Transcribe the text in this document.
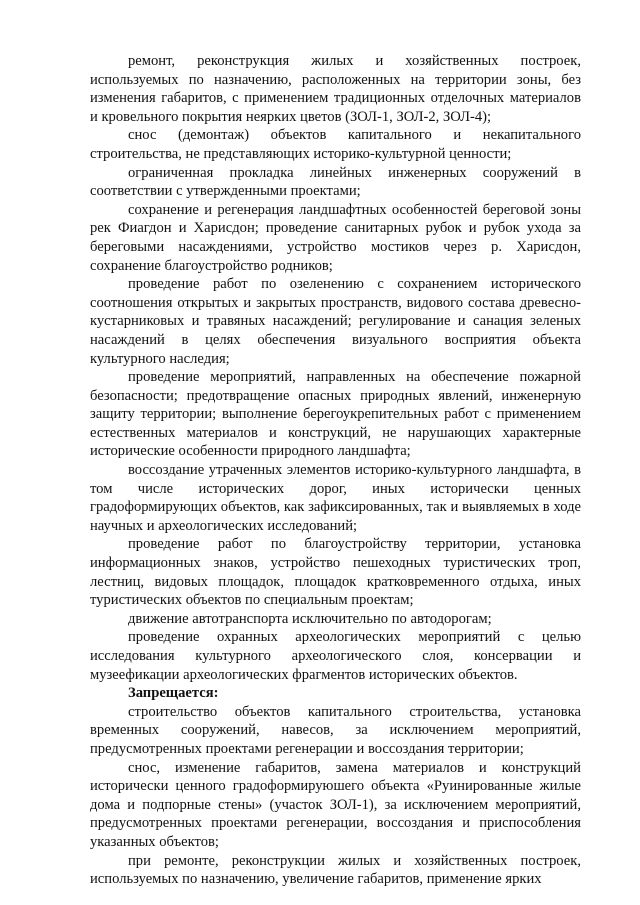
ремонт, реконструкция жилых и хозяйственных построек, используемых по назначению, расположенных на территории зоны, без изменения габаритов, с применением традиционных отделочных материалов и кровельного покрытия неярких цветов (ЗОЛ-1, ЗОЛ-2, ЗОЛ-4);

снос (демонтаж) объектов капитального и некапитального строительства, не представляющих историко-культурной ценности;

ограниченная прокладка линейных инженерных сооружений в соответствии с утвержденными проектами;

сохранение и регенерация ландшафтных особенностей береговой зоны рек Фиагдон и Харисдон; проведение санитарных рубок и рубок ухода за береговыми насаждениями, устройство мостиков через р. Харисдон, сохранение благоустройство родников;

проведение работ по озеленению с сохранением исторического соотношения открытых и закрытых пространств, видового состава древесно-кустарниковых и травяных насаждений; регулирование и санация зеленых насаждений в целях обеспечения визуального восприятия объекта культурного наследия;

проведение мероприятий, направленных на обеспечение пожарной безопасности; предотвращение опасных природных явлений, инженерную защиту территории; выполнение берегоукрепительных работ с применением естественных материалов и конструкций, не нарушающих характерные исторические особенности природного ландшафта;

воссоздание утраченных элементов историко-культурного ландшафта, в том числе исторических дорог, иных исторически ценных градоформирующих объектов, как зафиксированных, так и выявляемых в ходе научных и археологических исследований;

проведение работ по благоустройству территории, установка информационных знаков, устройство пешеходных туристических троп, лестниц, видовых площадок, площадок кратковременного отдыха, иных туристических объектов по специальным проектам;

движение автотранспорта исключительно по автодорогам;

проведение охранных археологических мероприятий с целью исследования культурного археологического слоя, консервации и музеефикации археологических фрагментов исторических объектов.

Запрещается:

строительство объектов капитального строительства, установка временных сооружений, навесов, за исключением мероприятий, предусмотренных проектами регенерации и воссоздания территории;

снос, изменение габаритов, замена материалов и конструкций исторически ценного градоформируюшего объекта «Руинированные жилые дома и подпорные стены» (участок ЗОЛ-1), за исключением мероприятий, предусмотренных проектами регенерации, воссоздания и приспособления указанных объектов;

при ремонте, реконструкции жилых и хозяйственных построек, используемых по назначению, увеличение габаритов, применение ярких
